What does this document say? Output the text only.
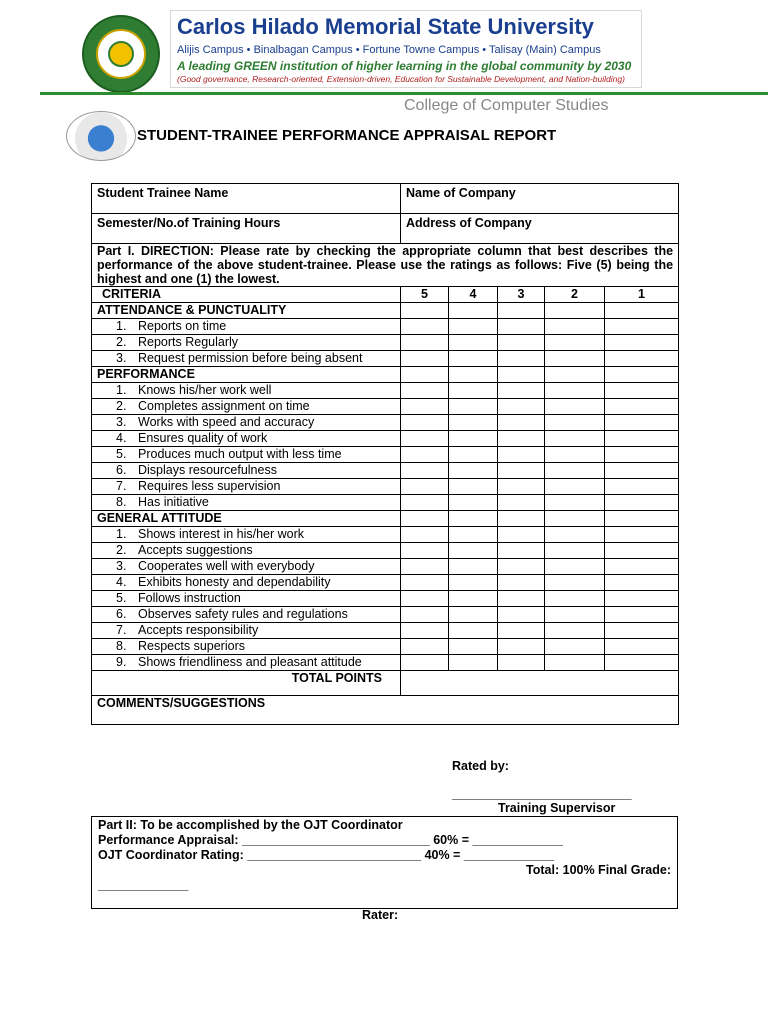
Carlos Hilado Memorial State University
Alijis Campus • Binalbagan Campus • Fortune Towne Campus • Talisay (Main) Campus
A leading GREEN institution of higher learning in the global community by 2030
(Good governance, Research-oriented, Extension-driven, Education for Sustainable Development, and Nation-building)
College of Computer Studies
STUDENT-TRAINEE PERFORMANCE APPRAISAL REPORT
Student Trainee Name	Name of Company				
Semester/No.of Training Hours	Address of Company				
Part I. DIRECTION: Please rate by checking the appropriate column that best describes the performance of the above student-trainee. Please use the ratings as follows: Five (5) being the highest and one (1) the lowest.					
CRITERIA	5	4	3	2	1
ATTENDANCE & PUNCTUALITY					
1. Reports on time					
2. Reports Regularly					
3. Request permission before being absent					
PERFORMANCE					
1. Knows his/her work well					
2. Completes assignment on time					
3. Works with speed and accuracy					
4. Ensures quality of work					
5. Produces much output with less time					
6. Displays resourcefulness					
7. Requires less supervision					
8. Has initiative					
GENERAL ATTITUDE					
1. Shows interest in his/her work					
2. Accepts suggestions					
3. Cooperates well with everybody					
4. Exhibits honesty and dependability					
5. Follows instruction					
6. Observes safety rules and regulations					
7. Accepts responsibility					
8. Respects superiors					
9. Shows friendliness and pleasant attitude					
TOTAL POINTS					
COMMENTS/SUGGESTIONS					
Rated by:
______________________________
Training Supervisor
Part II: To be accomplished by the OJT Coordinator
Performance Appraisal: ___________________________ 60% = _____________
OJT Coordinator Rating: _________________________ 40% = _____________
Total: 100% Final Grade:
_____________
Rater:
